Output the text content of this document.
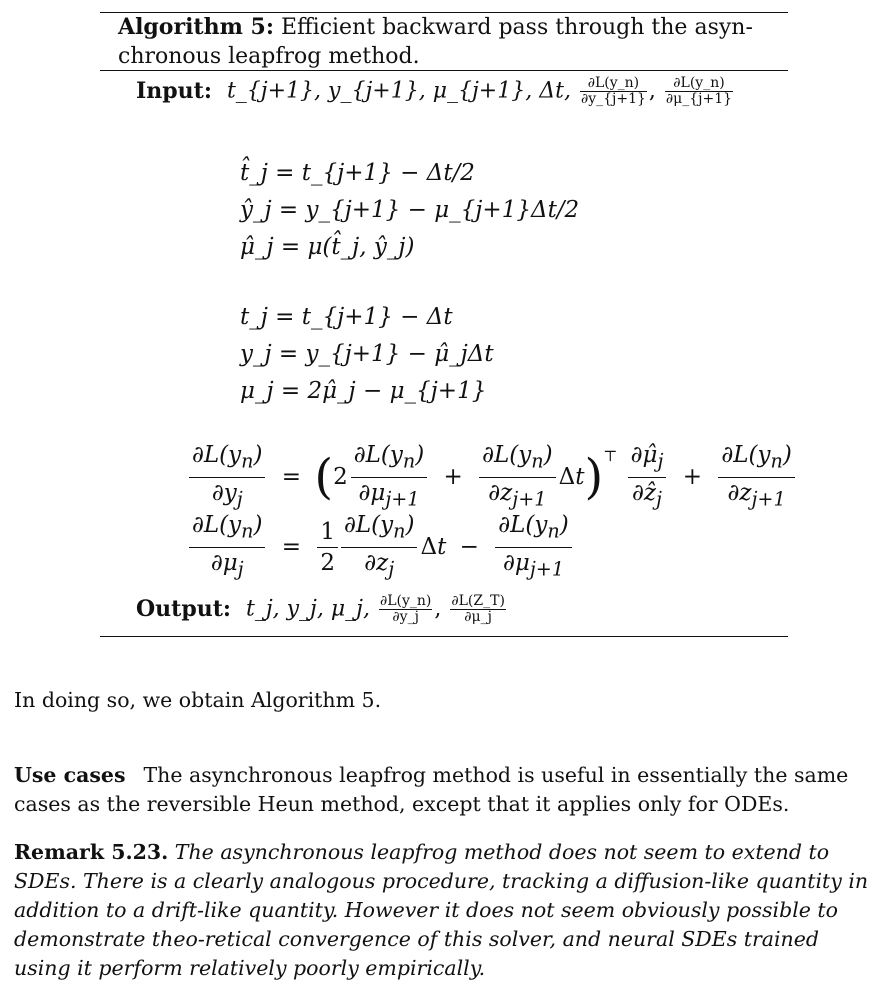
Algorithm 5: Efficient backward pass through the asyn-chronous leapfrog method.
Input: t_{j+1}, y_{j+1}, μ_{j+1}, Δt, $\frac{\partial L(y\_n)}{\partial y\_\{j+1\}}$ , $\frac{\partial L(y\_n)}{\partial\mu\_\{j+1\}}$
t̂_j = t_{j+1} − Δt/2
ŷ_j = y_{j+1} − μ_{j+1}Δt/2
μ̂_j = μ(t̂_j, ŷ_j)
t_j = t_{j+1} − Δt
y_j = y_{j+1} − μ̂_jΔt
μ_j = 2μ̂_j − μ_{j+1}
$\frac{\partial L(y_n)}{\partial y_j} = (2 \frac{\partial L(y_n)}{\partial\mu_{j+1}} + \frac{\partial L(y_n)}{\partial z_{j+1}} \Delta t)^⊤ \frac{\partial\mû_j}{\partial ẑ_j} + \frac{\partial L(y_n)}{\partial z_{j+1}}$
$\frac{\partial L(y_n)}{\partial\mu_j} = \frac{1}{2} \frac{\partial L(y_n)}{\partial z_j}$ $\Delta t - \frac{\partial L(y_n)}{\partial\mu_{j+1}}$
Output: t_j, y_j, μ_j, $\frac{\partial L(y\_n)}{\partial y\_j}$ , $\frac{\partial L(Z\_T)}{\partial\mu\_j}$
In doing so, we obtain Algorithm 5.
Use cases The asynchronous leapfrog method is useful in essentially the same cases as the reversible Heun method, except that it applies only for ODEs.
Remark 5.23. The asynchronous leapfrog method does not seem to extend to SDEs. There is a clearly analogous procedure, tracking a diffusion-like quantity in addition to a drift-like quantity. However it does not seem obviously possible to demonstrate theo-retical convergence of this solver, and neural SDEs trained using it perform relatively poorly empirically.
